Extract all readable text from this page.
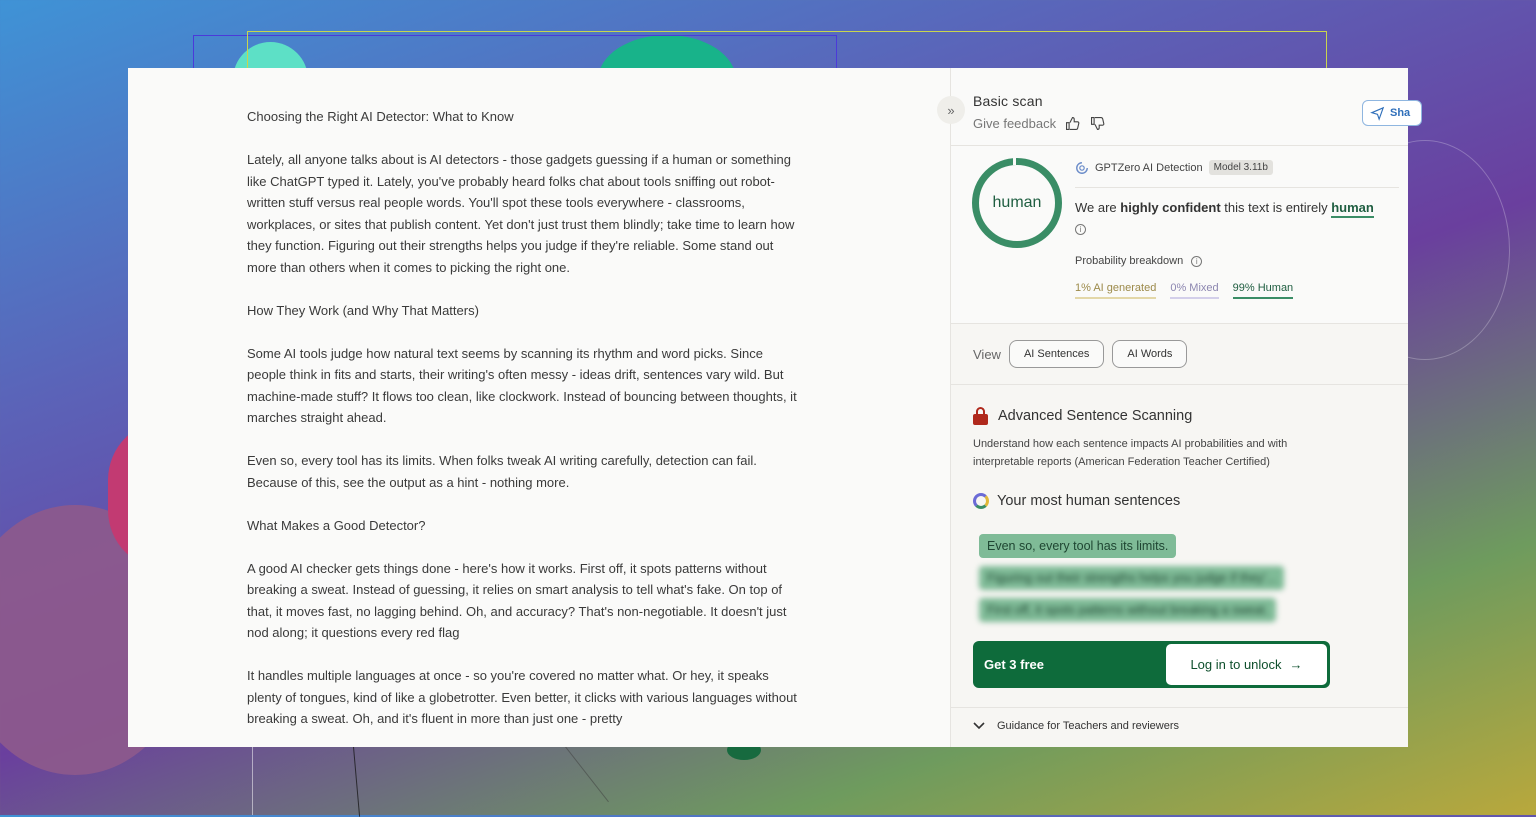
Choosing the Right AI Detector: What to Know

Lately, all anyone talks about is AI detectors - those gadgets guessing if a human or something like ChatGPT typed it. Lately, you've probably heard folks chat about tools sniffing out robot-written stuff versus real people words. You'll spot these tools everywhere - classrooms, workplaces, or sites that publish content. Yet don't just trust them blindly; take time to learn how they function. Figuring out their strengths helps you judge if they're reliable. Some stand out more than others when it comes to picking the right one.

How They Work (and Why That Matters)

Some AI tools judge how natural text seems by scanning its rhythm and word picks. Since people think in fits and starts, their writing's often messy - ideas drift, sentences vary wild. But machine-made stuff? It flows too clean, like clockwork. Instead of bouncing between thoughts, it marches straight ahead.

Even so, every tool has its limits. When folks tweak AI writing carefully, detection can fail. Because of this, see the output as a hint - nothing more.

What Makes a Good Detector?

A good AI checker gets things done - here's how it works. First off, it spots patterns without breaking a sweat. Instead of guessing, it relies on smart analysis to tell what's fake. On top of that, it moves fast, no lagging behind. Oh, and accuracy? That's non-negotiable. It doesn't just nod along; it questions every red flag

It handles multiple languages at once - so you're covered no matter what. Or hey, it speaks plenty of tongues, kind of like a globetrotter. Even better, it clicks with various languages without breaking a sweat. Oh, and it's fluent in more than just one - pretty

»
Basic scan
Give feedback
Sha
human
GPTZero AI Detection	Model 3.11b
We are highly confident this text is entirely human
i
Probability breakdown	i
1% AI generated 0% Mixed 99% Human
View	AI Sentences	AI Words
Advanced Sentence Scanning
Understand how each sentence impacts AI probabilities and with interpretable reports (American Federation Teacher Certified)
Your most human sentences
Even so, every tool has its limits.
Figuring out their strengths helps you judge if they'...
First off, it spots patterns without breaking a sweat.
Get 3 free	Log in to unlock →
Guidance for Teachers and reviewers
